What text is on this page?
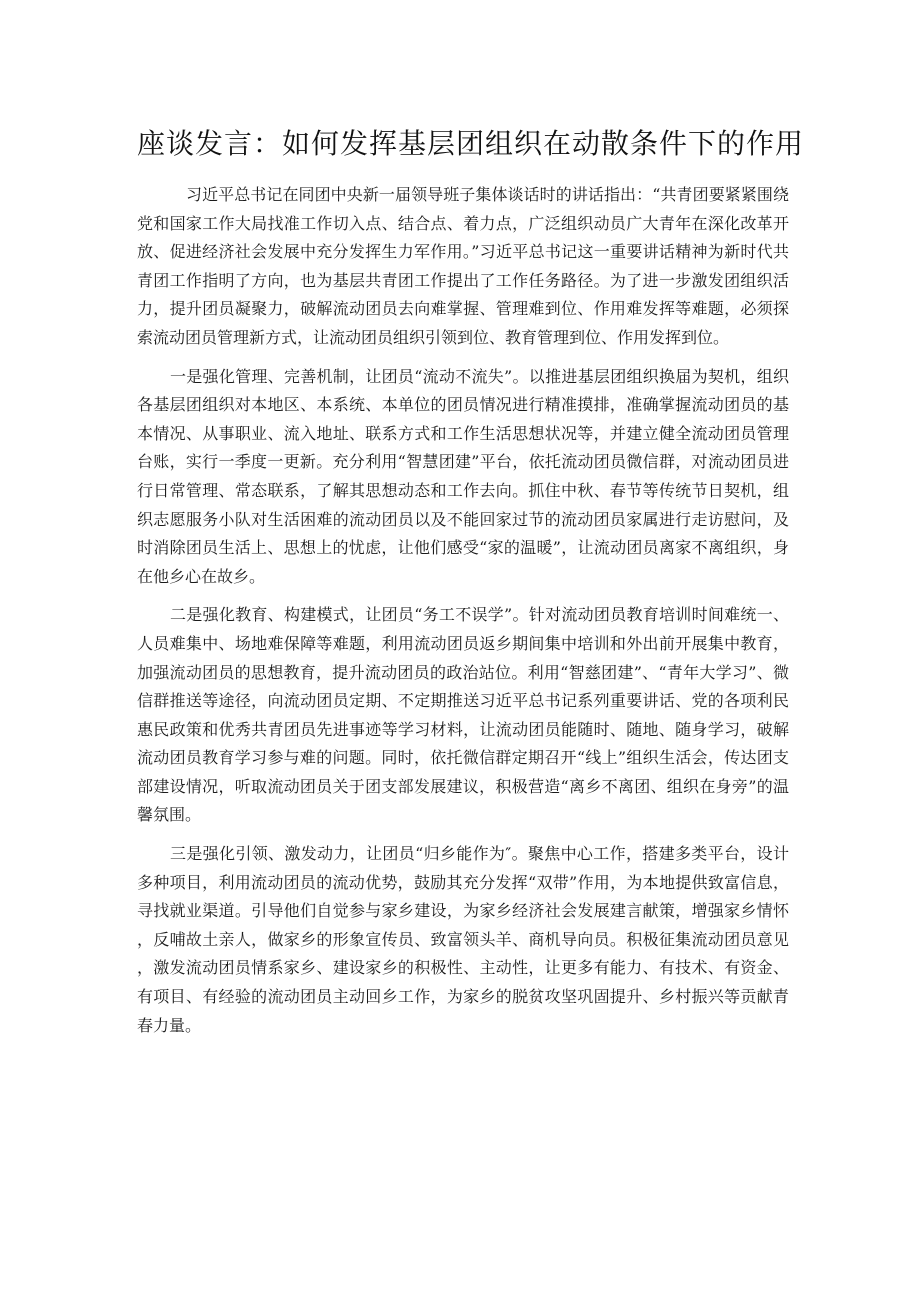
座谈发言：如何发挥基层团组织在动散条件下的作用

习近平总书记在同团中央新一届领导班子集体谈话时的讲话指出：“共青团要紧紧围绕党和国家工作大局找准工作切入点、结合点、着力点，广泛组织动员广大青年在深化改革开放、促进经济社会发展中充分发挥生力军作用。”习近平总书记这一重要讲话精神为新时代共青团工作指明了方向，也为基层共青团工作提出了工作任务路径。为了进一步激发团组织活力，提升团员凝聚力，破解流动团员去向难掌握、管理难到位、作用难发挥等难题，必须探索流动团员管理新方式，让流动团员组织引领到位、教育管理到位、作用发挥到位。

一是强化管理、完善机制，让团员“流动不流失”。以推进基层团组织换届为契机，组织各基层团组织对本地区、本系统、本单位的团员情况进行精准摸排，准确掌握流动团员的基本情况、从事职业、流入地址、联系方式和工作生活思想状况等，并建立健全流动团员管理台账，实行一季度一更新。充分利用“智慧团建”平台，依托流动团员微信群，对流动团员进行日常管理、常态联系，了解其思想动态和工作去向。抓住中秋、春节等传统节日契机，组织志愿服务小队对生活困难的流动团员以及不能回家过节的流动团员家属进行走访慰问，及时消除团员生活上、思想上的忧虑，让他们感受“家的温暖”，让流动团员离家不离组织，身在他乡心在故乡。

二是强化教育、构建模式，让团员“务工不误学”。针对流动团员教育培训时间难统一、人员难集中、场地难保障等难题，利用流动团员返乡期间集中培训和外出前开展集中教育，加强流动团员的思想教育，提升流动团员的政治站位。利用“智慈团建”、“青年大学习”、微信群推送等途径，向流动团员定期、不定期推送习近平总书记系列重要讲话、党的各项利民惠民政策和优秀共青团员先进事迹等学习材料，让流动团员能随时、随地、随身学习，破解流动团员教育学习参与难的问题。同时，依托微信群定期召开“线上”组织生活会，传达团支部建设情况，听取流动团员关于团支部发展建议，积极营造“离乡不离团、组织在身旁”的温馨氛围。

三是强化引领、激发动力，让团员“归乡能作为″。聚焦中心工作，搭建多类平台，设计多种项目，利用流动团员的流动优势，鼓励其充分发挥“双带”作用，为本地提供致富信息，寻找就业渠道。引导他们自觉参与家乡建设，为家乡经济社会发展建言献策，增强家乡情怀，反哺故土亲人，做家乡的形象宣传员、致富领头羊、商机导向员。积极征集流动团员意见，激发流动团员情系家乡、建设家乡的积极性、主动性，让更多有能力、有技术、有资金、有项目、有经验的流动团员主动回乡工作，为家乡的脱贫攻坚巩固提升、乡村振兴等贡献青春力量。
